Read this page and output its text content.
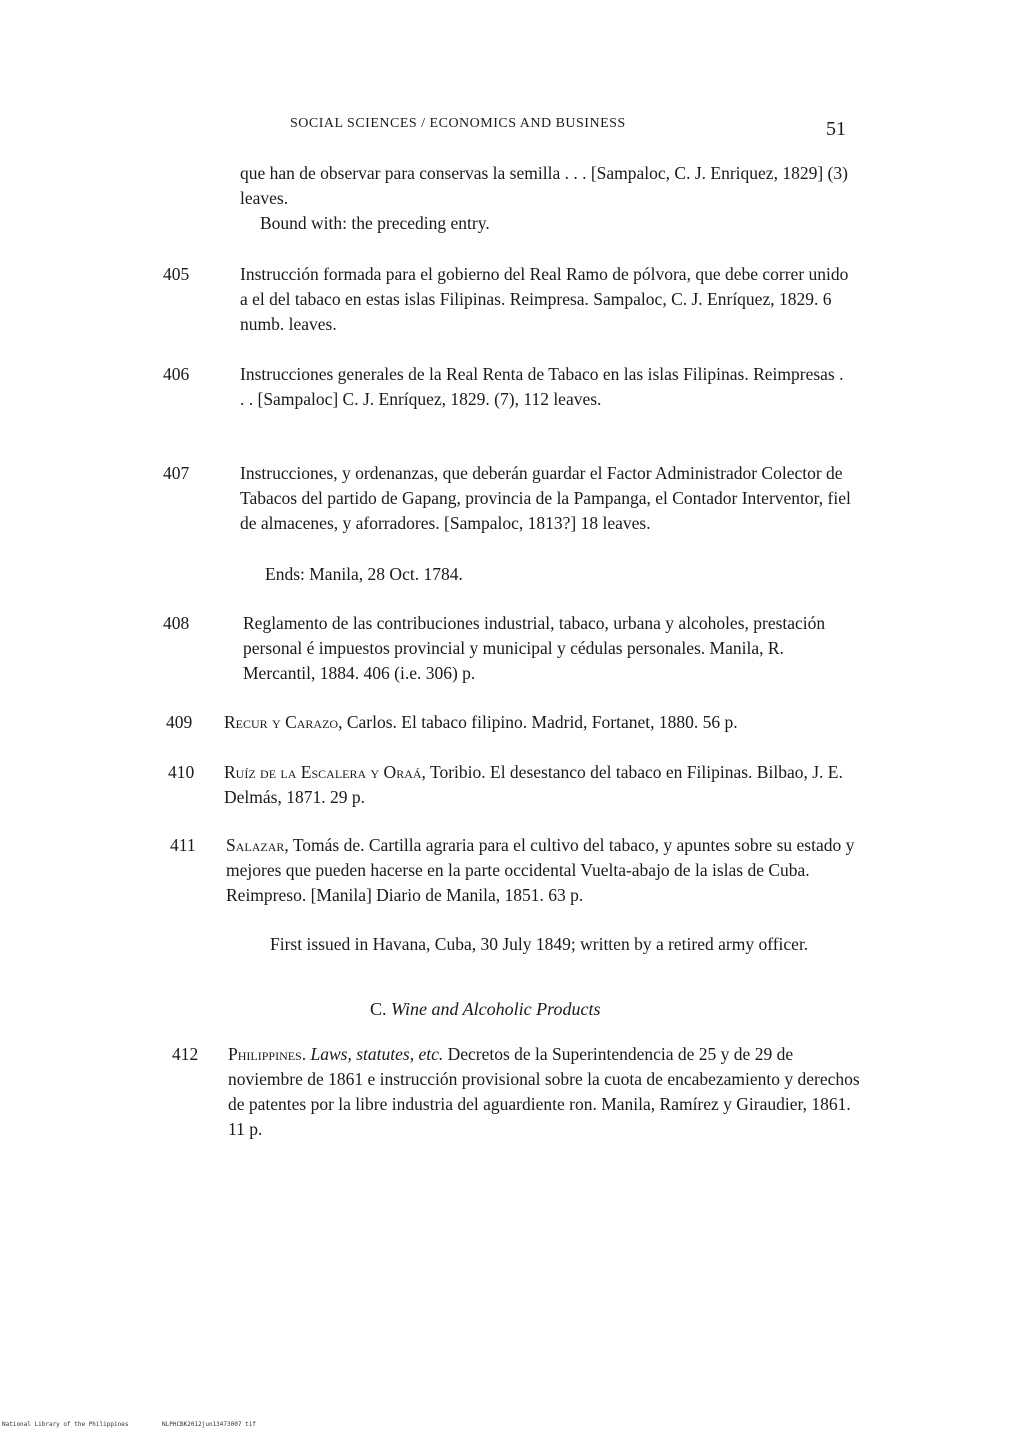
SOCIAL SCIENCES / ECONOMICS AND BUSINESS	51

que han de observar para conservas la semilla . . . [Sampaloc, C. J. Enriquez, 1829] (3) leaves.

Bound with: the preceding entry.
405	Instrucción formada para el gobierno del Real Ramo de pólvora, que debe correr unido a el del tabaco en estas islas Filipinas. Reimpresa. Sampaloc, C. J. Enríquez, 1829. 6 numb. leaves.
406	Instrucciones generales de la Real Renta de Tabaco en las islas Filipinas. Reimpresas . . . [Sampaloc] C. J. Enríquez, 1829. (7), 112 leaves.
407	Instrucciones, y ordenanzas, que deberán guardar el Factor Administrador Colector de Tabacos del partido de Gapang, provincia de la Pampanga, el Contador Interventor, fiel de almacenes, y aforradores. [Sampaloc, 1813?] 18 leaves.
Ends: Manila, 28 Oct. 1784.
408	Reglamento de las contribuciones industrial, tabaco, urbana y alcoholes, prestación personal é impuestos provincial y municipal y cédulas personales. Manila, R. Mercantil, 1884. 406 (i.e. 306) p.
409 Recur y Carazo, Carlos. El tabaco filipino. Madrid, Fortanet, 1880. 56 p.
410	Ruíz de la Escalera y Oraá, Toribio. El desestanco del tabaco en Filipinas. Bilbao, J. E. Delmás, 1871. 29 p.
411 Salazar, Tomás de. Cartilla agraria para el cultivo del tabaco, y apuntes sobre su estado y mejores que pueden hacerse en la parte occidental Vuelta-abajo de la islas de Cuba. Reimpreso. [Manila] Diario de Manila, 1851. 63 p.
First issued in Havana, Cuba, 30 July 1849; written by a retired army officer.
C. Wine and Alcoholic Products
412 Philippines. Laws, statutes, etc. Decretos de la Superintendencia de 25 y de 29 de noviembre de 1861 e instrucción provisional sobre la cuota de encabezamiento y derechos de patentes por la libre industria del aguardiente ron. Manila, Ramírez y Giraudier, 1861. 11 p.
National Library of the Philippines	NLPHCBK2012jun13473007 tif
